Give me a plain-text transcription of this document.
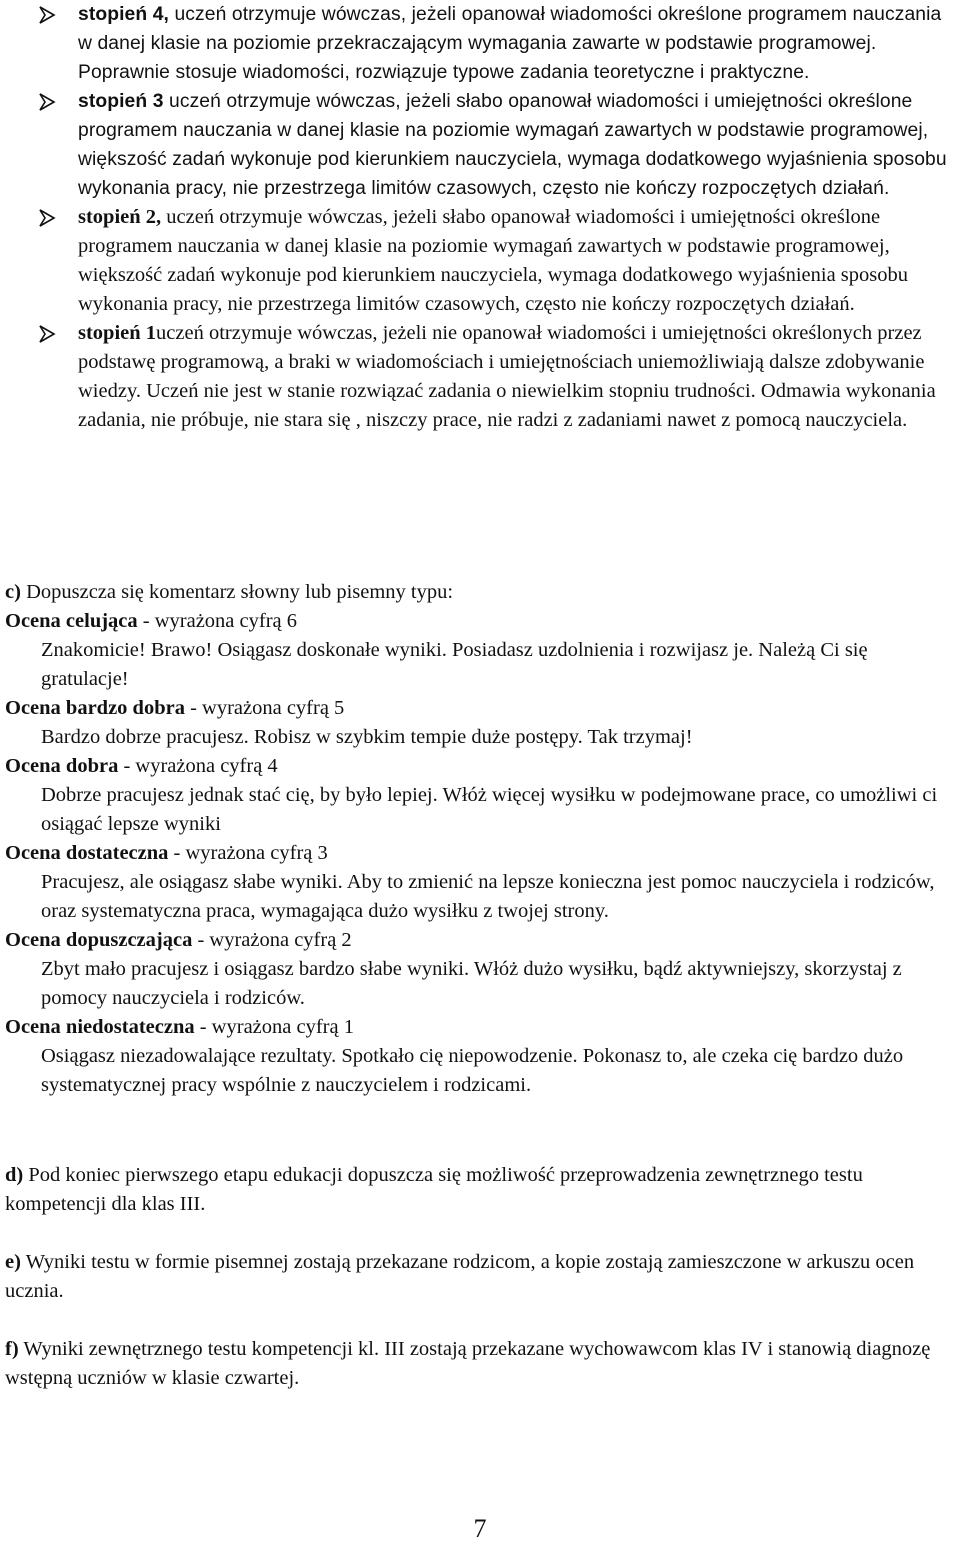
stopień 4, uczeń otrzymuje wówczas, jeżeli opanował wiadomości określone programem nauczania w danej klasie na poziomie przekraczającym wymagania zawarte w podstawie programowej. Poprawnie stosuje wiadomości, rozwiązuje typowe zadania teoretyczne i praktyczne.
stopień 3 uczeń otrzymuje wówczas, jeżeli słabo opanował wiadomości i umiejętności określone programem nauczania w danej klasie na poziomie wymagań zawartych w podstawie programowej, większość zadań wykonuje pod kierunkiem nauczyciela, wymaga dodatkowego wyjaśnienia sposobu wykonania pracy, nie przestrzega limitów czasowych, często nie kończy rozpoczętych działań.
stopień 2, uczeń otrzymuje wówczas, jeżeli słabo opanował wiadomości i umiejętności określone programem nauczania w danej klasie na poziomie wymagań zawartych w podstawie programowej, większość zadań wykonuje pod kierunkiem nauczyciela, wymaga dodatkowego wyjaśnienia sposobu wykonania pracy, nie przestrzega limitów czasowych, często nie kończy rozpoczętych działań.
stopień 1uczeń otrzymuje wówczas, jeżeli nie opanował wiadomości i umiejętności określonych przez podstawę programową, a braki w wiadomościach i umiejętnościach uniemożliwiają dalsze zdobywanie wiedzy. Uczeń nie jest w stanie rozwiązać zadania o niewielkim stopniu trudności. Odmawia wykonania zadania, nie próbuje, nie stara się , niszczy prace, nie radzi z zadaniami nawet z pomocą nauczyciela.
c) Dopuszcza się komentarz słowny lub pisemny typu:
Ocena celująca - wyrażona cyfrą 6
Znakomicie! Brawo! Osiągasz doskonałe wyniki. Posiadasz uzdolnienia i rozwijasz je. Należą Ci się gratulacje!
Ocena bardzo dobra - wyrażona cyfrą 5
Bardzo dobrze pracujesz. Robisz w szybkim tempie duże postępy. Tak trzymaj!
Ocena dobra - wyrażona cyfrą 4
Dobrze pracujesz jednak stać cię, by było lepiej. Włóż więcej wysiłku w podejmowane prace, co umożliwi ci osiągać lepsze wyniki
Ocena dostateczna - wyrażona cyfrą 3
Pracujesz, ale osiągasz słabe wyniki. Aby to zmienić na lepsze konieczna jest pomoc nauczyciela i rodziców, oraz systematyczna praca, wymagająca dużo wysiłku z twojej strony.
Ocena dopuszczająca - wyrażona cyfrą 2
Zbyt mało pracujesz i osiągasz bardzo słabe wyniki. Włóż dużo wysiłku, bądź aktywniejszy, skorzystaj z pomocy nauczyciela i rodziców.
Ocena niedostateczna - wyrażona cyfrą 1
Osiągasz niezadowalające rezultaty. Spotkało cię niepowodzenie. Pokonasz to, ale czeka cię bardzo dużo systematycznej pracy wspólnie z nauczycielem i rodzicami.
d) Pod koniec pierwszego etapu edukacji dopuszcza się możliwość przeprowadzenia zewnętrznego testu kompetencji dla klas III.
e) Wyniki testu w formie pisemnej zostają przekazane rodzicom, a kopie zostają zamieszczone w arkuszu ocen ucznia.
f) Wyniki zewnętrznego testu kompetencji kl. III zostają przekazane wychowawcom klas IV i stanowią diagnozę wstępną uczniów w klasie czwartej.
7
